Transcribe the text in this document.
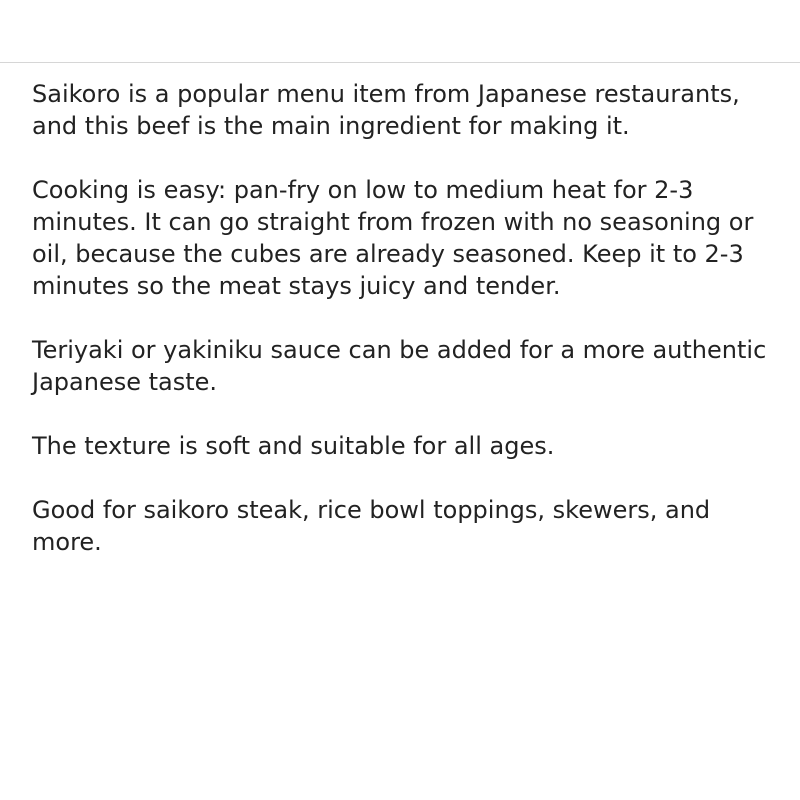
Saikoro is a popular menu item from Japanese restaurants, and this beef is the main ingredient for making it.

Cooking is easy: pan-fry on low to medium heat for 2-3 minutes. It can go straight from frozen with no seasoning or oil, because the cubes are already seasoned. Keep it to 2-3 minutes so the meat stays juicy and tender.

Teriyaki or yakiniku sauce can be added for a more authentic Japanese taste.

The texture is soft and suitable for all ages.

Good for saikoro steak, rice bowl toppings, skewers, and more.
